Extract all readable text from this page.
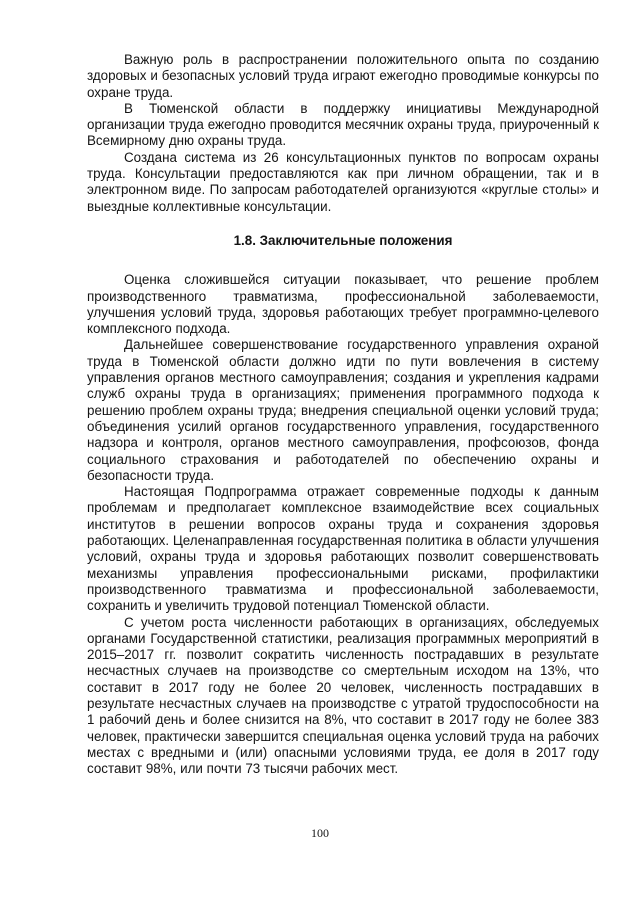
Важную роль в распространении положительного опыта по созданию здоровых и безопасных условий труда играют ежегодно проводимые конкурсы по охране труда.

В Тюменской области в поддержку инициативы Международной организации труда ежегодно проводится месячник охраны труда, приуроченный к Всемирному дню охраны труда.

Создана система из 26 консультационных пунктов по вопросам охраны труда. Консультации предоставляются как при личном обращении, так и в электронном виде. По запросам работодателей организуются «круглые столы» и выездные коллективные консультации.

1.8. Заключительные положения

Оценка сложившейся ситуации показывает, что решение проблем производственного травматизма, профессиональной заболеваемости, улучшения условий труда, здоровья работающих требует программно-целевого комплексного подхода.

Дальнейшее совершенствование государственного управления охраной труда в Тюменской области должно идти по пути вовлечения в систему управления органов местного самоуправления; создания и укрепления кадрами служб охраны труда в организациях; применения программного подхода к решению проблем охраны труда; внедрения специальной оценки условий труда; объединения усилий органов государственного управления, государственного надзора и контроля, органов местного самоуправления, профсоюзов, фонда социального страхования и работодателей по обеспечению охраны и безопасности труда.

Настоящая Подпрограмма отражает современные подходы к данным проблемам и предполагает комплексное взаимодействие всех социальных институтов в решении вопросов охраны труда и сохранения здоровья работающих. Целенаправленная государственная политика в области улучшения условий, охраны труда и здоровья работающих позволит совершенствовать механизмы управления профессиональными рисками, профилактики производственного травматизма и профессиональной заболеваемости, сохранить и увеличить трудовой потенциал Тюменской области.

С учетом роста численности работающих в организациях, обследуемых органами Государственной статистики, реализация программных мероприятий в 2015–2017 гг. позволит сократить численность пострадавших в результате несчастных случаев на производстве со смертельным исходом на 13%, что составит в 2017 году не более 20 человек, численность пострадавших в результате несчастных случаев на производстве с утратой трудоспособности на 1 рабочий день и более снизится на 8%, что составит в 2017 году не более 383 человек, практически завершится специальная оценка условий труда на рабочих местах с вредными и (или) опасными условиями труда, ее доля в 2017 году составит 98%, или почти 73 тысячи рабочих мест.

100
